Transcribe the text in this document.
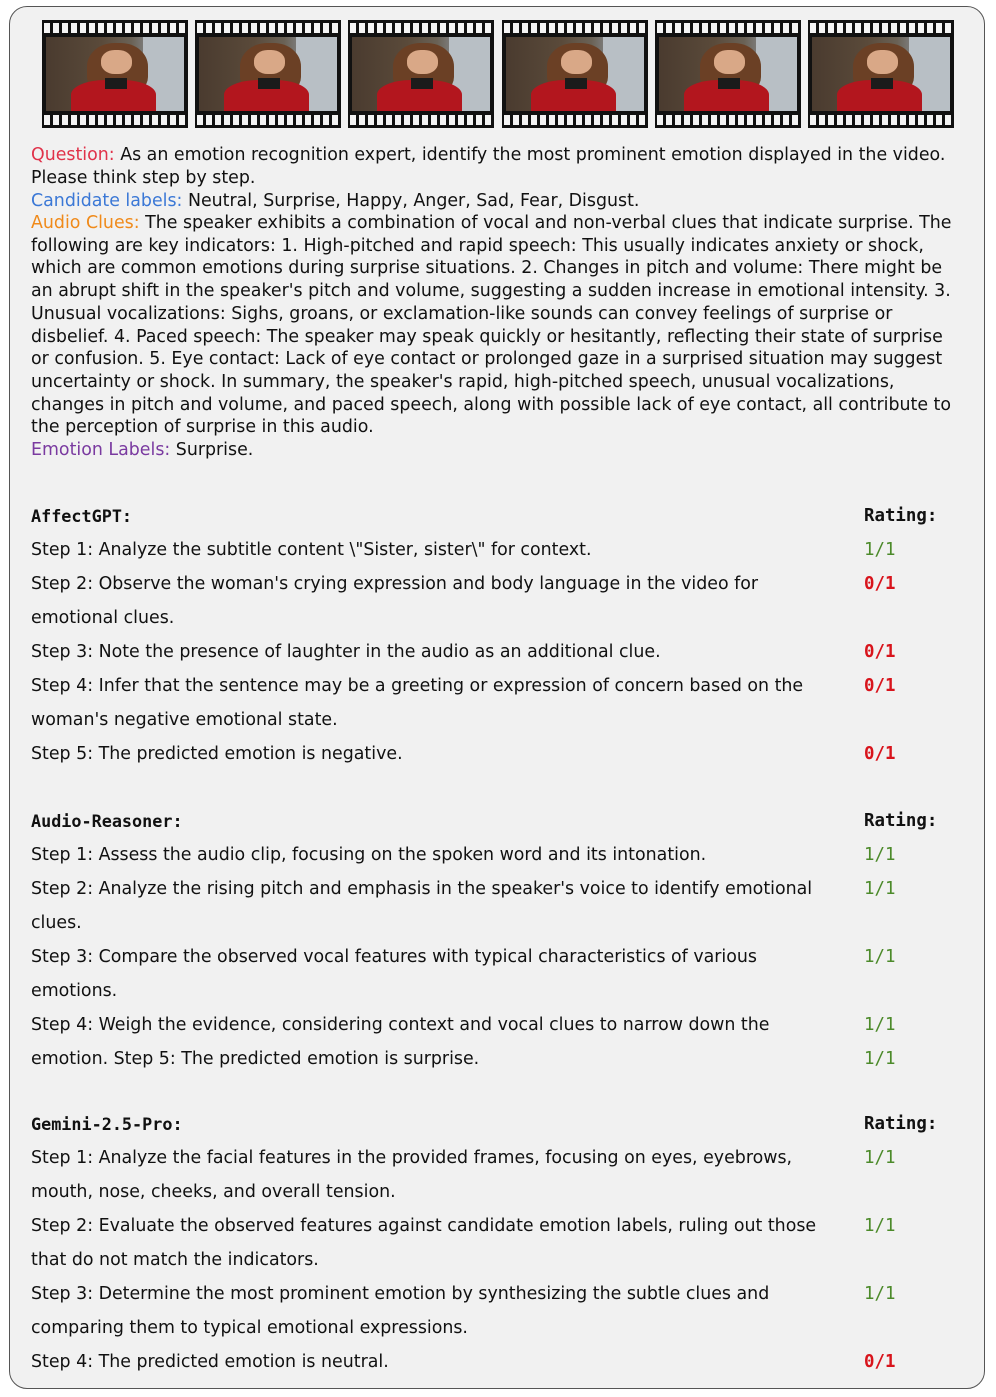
Question: As an emotion recognition expert, identify the most prominent emotion displayed in the video. Please think step by step.
Candidate labels: Neutral, Surprise, Happy, Anger, Sad, Fear, Disgust.
Audio Clues: The speaker exhibits a combination of vocal and non-verbal clues that indicate surprise. The following are key indicators: 1. High-pitched and rapid speech: This usually indicates anxiety or shock, which are common emotions during surprise situations. 2. Changes in pitch and volume: There might be an abrupt shift in the speaker's pitch and volume, suggesting a sudden increase in emotional intensity. 3. Unusual vocalizations: Sighs, groans, or exclamation-like sounds can convey feelings of surprise or disbelief. 4. Paced speech: The speaker may speak quickly or hesitantly, reflecting their state of surprise or confusion. 5. Eye contact: Lack of eye contact or prolonged gaze in a surprised situation may suggest uncertainty or shock. In summary, the speaker's rapid, high-pitched speech, unusual vocalizations, changes in pitch and volume, and paced speech, along with possible lack of eye contact, all contribute to the perception of surprise in this audio.
Emotion Labels: Surprise.
AffectGPT:	Rating:
Step 1: Analyze the subtitle content \"Sister, sister\" for context.	1/1
Step 2: Observe the woman's crying expression and body language in the video for	0/1
emotional clues.
Step 3: Note the presence of laughter in the audio as an additional clue.	0/1
Step 4: Infer that the sentence may be a greeting or expression of concern based on the	0/1
woman's negative emotional state.
Step 5: The predicted emotion is negative.	0/1
Audio-Reasoner:	Rating:
Step 1: Assess the audio clip, focusing on the spoken word and its intonation.	1/1
Step 2: Analyze the rising pitch and emphasis in the speaker's voice to identify emotional	1/1
clues.
Step 3: Compare the observed vocal features with typical characteristics of various	1/1
emotions.
Step 4: Weigh the evidence, considering context and vocal clues to narrow down the	1/1
emotion. Step 5: The predicted emotion is surprise.	1/1
Gemini-2.5-Pro:	Rating:
Step 1: Analyze the facial features in the provided frames, focusing on eyes, eyebrows,	1/1
mouth, nose, cheeks, and overall tension.
Step 2: Evaluate the observed features against candidate emotion labels, ruling out those	1/1
that do not match the indicators.
Step 3: Determine the most prominent emotion by synthesizing the subtle clues and	1/1
comparing them to typical emotional expressions.
Step 4: The predicted emotion is neutral.	0/1
